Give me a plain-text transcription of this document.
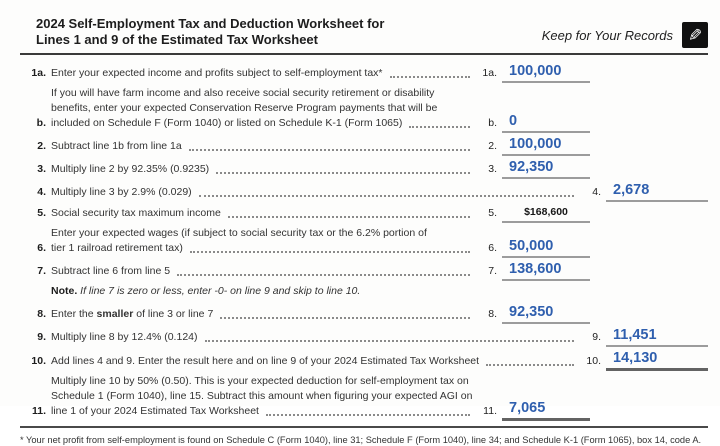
2024 Self-Employment Tax and Deduction Worksheet for
Lines 1 and 9 of the Estimated Tax Worksheet	Keep for Your Records ✎
1a. Enter your expected income and profits subject to self-employment tax*	1a. 100,000
b.
If you will have farm income and also receive social security retirement or disability
benefits, enter your expected Conservation Reserve Program payments that will be
included on Schedule F (Form 1040) or listed on Schedule K-1 (Form 1065)	b. 0
2. Subtract line 1b from line 1a	2. 100,000
3. Multiply line 2 by 92.35% (0.9235)	3. 92,350
4. Multiply line 3 by 2.9% (0.029)	4. 2,678
5. Social security tax maximum income	5.	$168,600
6.
Enter your expected wages (if subject to social security tax or the 6.2% portion of
tier 1 railroad retirement tax)	6. 50,000
7. Subtract line 6 from line 5	7. 138,600
Note. If line 7 is zero or less, enter -0- on line 9 and skip to line 10.
8. Enter the smaller of line 3 or line 7	8. 92,350
9. Multiply line 8 by 12.4% (0.124)	9. 11,451
10. Add lines 4 and 9. Enter the result here and on line 9 of your 2024 Estimated Tax Worksheet	10. 14,130
11.
Multiply line 10 by 50% (0.50). This is your expected deduction for self-employment tax on
Schedule 1 (Form 1040), line 15. Subtract this amount when figuring your expected AGI on
line 1 of your 2024 Estimated Tax Worksheet	11. 7,065
* Your net profit from self-employment is found on Schedule C (Form 1040), line 31; Schedule F (Form 1040), line 34; and Schedule K-1 (Form 1065), box 14, code A.
